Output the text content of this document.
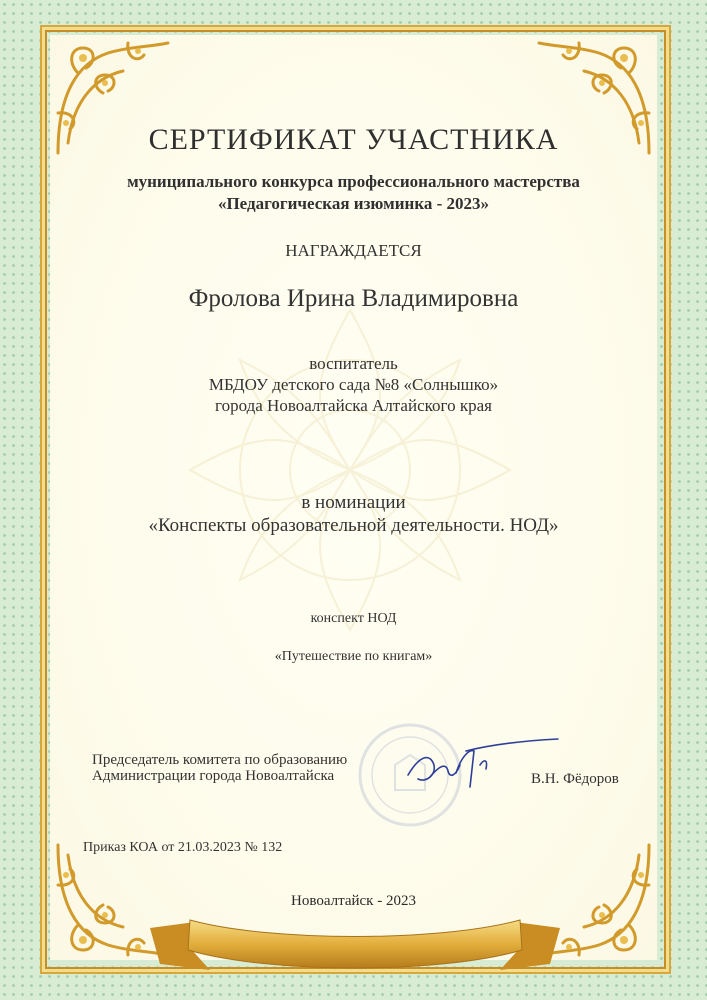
СЕРТИФИКАТ УЧАСТНИКА
муниципального конкурса профессионального мастерства
«Педагогическая изюминка - 2023»
НАГРАЖДАЕТСЯ
Фролова Ирина Владимировна
воспитатель
МБДОУ детского сада №8 «Солнышко»
города Новоалтайска Алтайского края
в номинации
«Конспекты образовательной деятельности. НОД»
конспект НОД
«Путешествие по книгам»
Председатель комитета по образованию
Администрации города Новоалтайска	В.Н. Фёдоров
Приказ КОА от 21.03.2023 № 132
Новоалтайск - 2023
